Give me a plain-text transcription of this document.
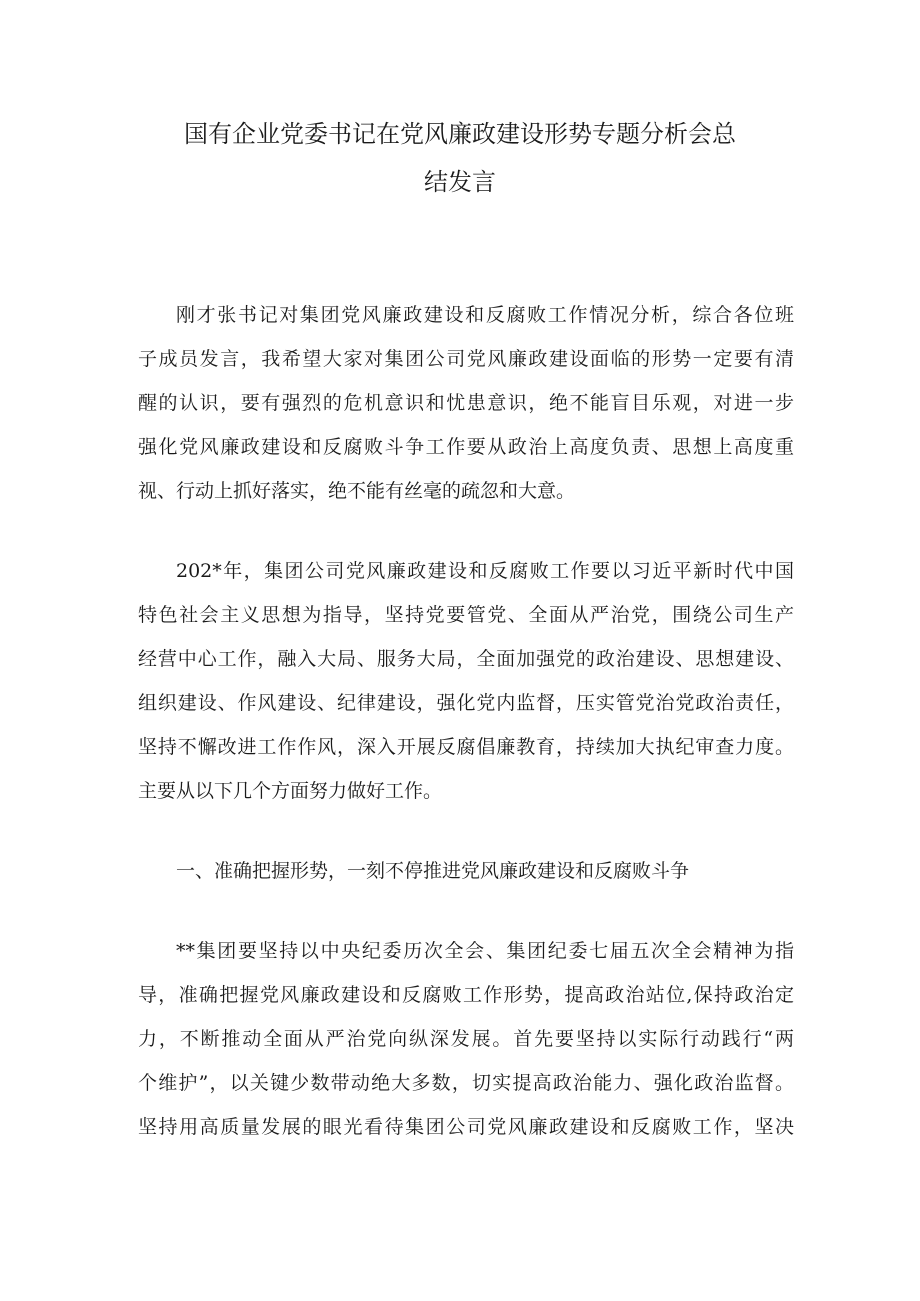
国有企业党委书记在党风廉政建设形势专题分析会总
结发言
刚才张书记对集团党风廉政建设和反腐败工作情况分析，综合各位班
子成员发言，我希望大家对集团公司党风廉政建设面临的形势一定要有清
醒的认识，要有强烈的危机意识和忧患意识，绝不能盲目乐观，对进一步
强化党风廉政建设和反腐败斗争工作要从政治上高度负责、思想上高度重
视、行动上抓好落实，绝不能有丝毫的疏忽和大意。
202*年，集团公司党风廉政建设和反腐败工作要以习近平新时代中国
特色社会主义思想为指导，坚持党要管党、全面从严治党，围绕公司生产
经营中心工作，融入大局、服务大局，全面加强党的政治建设、思想建设、
组织建设、作风建设、纪律建设，强化党内监督，压实管党治党政治责任，
坚持不懈改进工作作风，深入开展反腐倡廉教育，持续加大执纪审查力度。
主要从以下几个方面努力做好工作。
一、准确把握形势，一刻不停推进党风廉政建设和反腐败斗争
**集团要坚持以中央纪委历次全会、集团纪委七届五次全会精神为指
导，准确把握党风廉政建设和反腐败工作形势，提高政治站位,保持政治定
力，不断推动全面从严治党向纵深发展。首先要坚持以实际行动践行“两
个维护”，以关键少数带动绝大多数，切实提高政治能力、强化政治监督。
坚持用高质量发展的眼光看待集团公司党风廉政建设和反腐败工作，坚决
